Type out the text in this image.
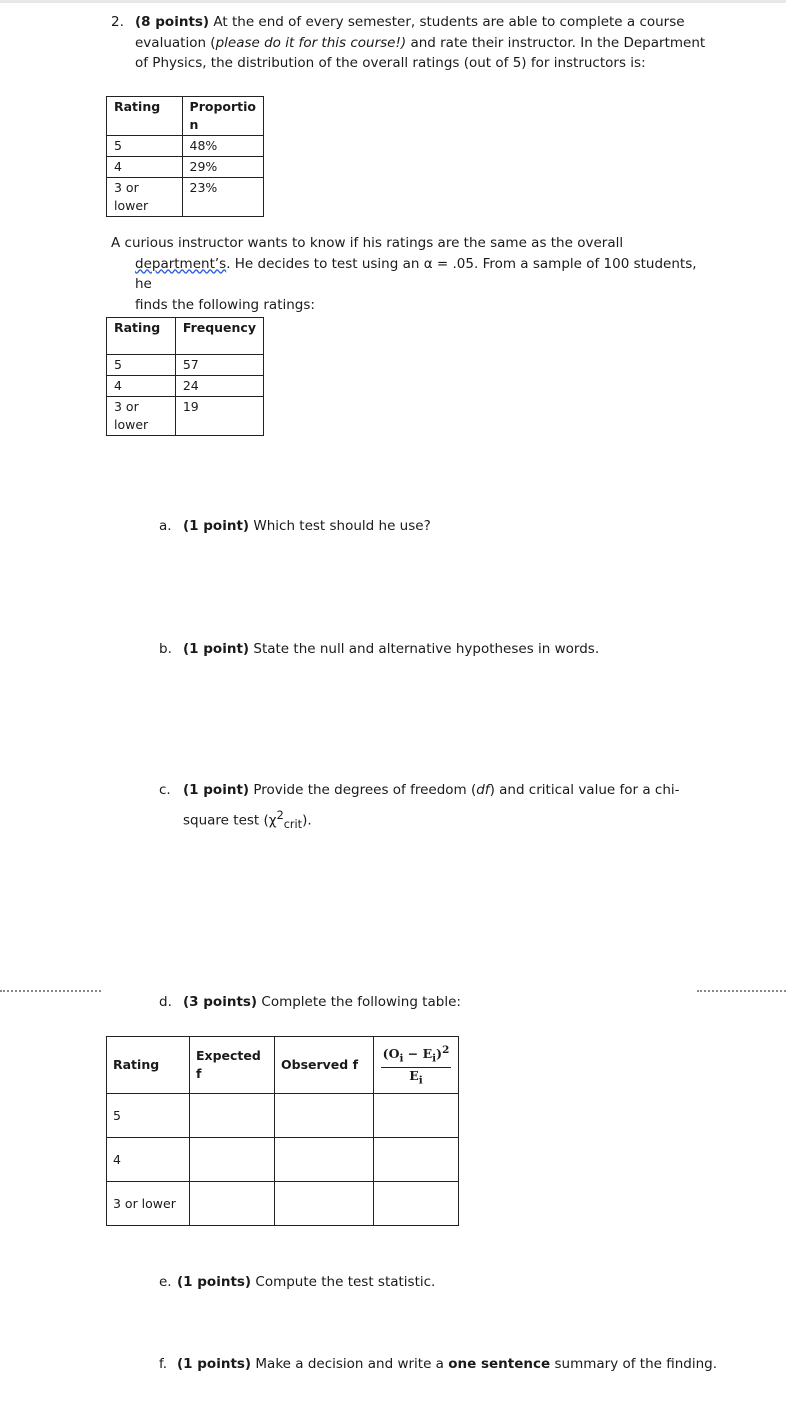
2. (8 points) At the end of every semester, students are able to complete a course evaluation (please do it for this course!) and rate their instructor. In the Department of Physics, the distribution of the overall ratings (out of 5) for instructors is:
Rating	Proportio n
5	48%
4	29%
3 or lower	23%
A curious instructor wants to know if his ratings are the same as the overall
department’s. He decides to test using an α = .05. From a sample of 100 students, he
finds the following ratings:
Rating	Frequency
5	57
4	24
3 or lower	19
a. (1 point) Which test should he use?
b. (1 point) State the null and alternative hypotheses in words.
c. (1 point) Provide the degrees of freedom (df) and critical value for a chi-
square test $(\chi^2_{crit})$.
d. (3 points) Complete the following table:
Rating	Expected f	Observed f	$\frac{(O_i - E_i)^2}{E_i}$

5			
4			
3 or lower			
e. (1 points) Compute the test statistic.
f. (1 points) Make a decision and write a one sentence summary of the finding.
